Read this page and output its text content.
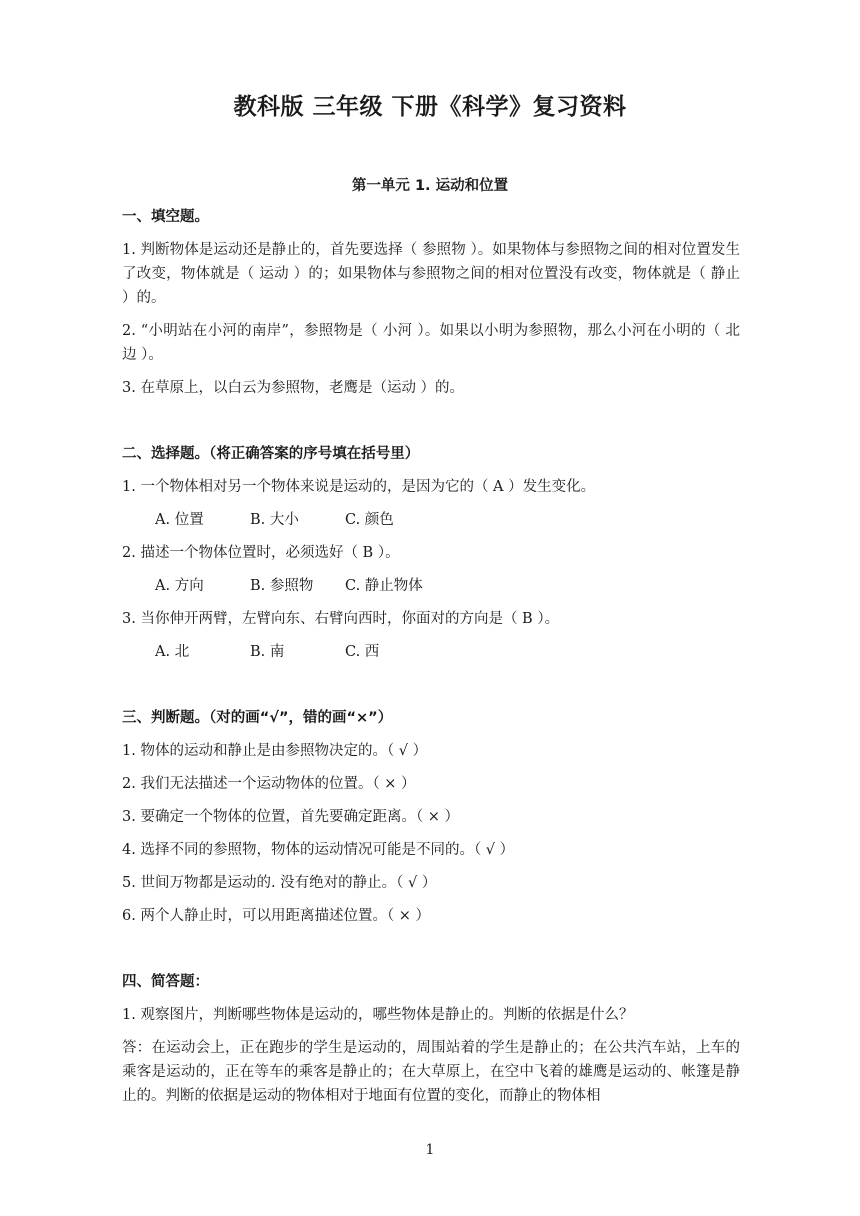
教科版 三年级 下册《科学》复习资料
第一单元 1. 运动和位置
一、填空题。
1. 判断物体是运动还是静止的，首先要选择（ 参照物 ）。如果物体与参照物之间的相对位置发生了改变，物体就是（ 运动 ）的；如果物体与参照物之间的相对位置没有改变，物体就是（ 静止 ）的。
2. “小明站在小河的南岸”，参照物是（ 小河 ）。如果以小明为参照物，那么小河在小明的（ 北边 ）。
3. 在草原上，以白云为参照物，老鹰是（运动 ）的。
二、选择题。（将正确答案的序号填在括号里）
1. 一个物体相对另一个物体来说是运动的，是因为它的（ A ）发生变化。
A. 位置	B. 大小	C. 颜色
2. 描述一个物体位置时，必须选好（ B ）。
A. 方向	B. 参照物 C. 静止物体
3. 当你伸开两臂，左臂向东、右臂向西时，你面对的方向是（ B ）。
A. 北	B. 南	C. 西
三、判断题。（对的画“√”，错的画“×”）
1. 物体的运动和静止是由参照物决定的。（ √ ）
2. 我们无法描述一个运动物体的位置。（ × ）
3. 要确定一个物体的位置，首先要确定距离。（ × ）
4. 选择不同的参照物，物体的运动情况可能是不同的。（ √ ）
5. 世间万物都是运动的. 没有绝对的静止。（ √ ）
6. 两个人静止时，可以用距离描述位置。（ × ）
四、简答题：
1. 观察图片，判断哪些物体是运动的，哪些物体是静止的。判断的依据是什么？
答：在运动会上，正在跑步的学生是运动的，周围站着的学生是静止的；在公共汽车站，上车的乘客是运动的，正在等车的乘客是静止的；在大草原上，在空中飞着的雄鹰是运动的、帐篷是静止的。判断的依据是运动的物体相对于地面有位置的变化，而静止的物体相
1
